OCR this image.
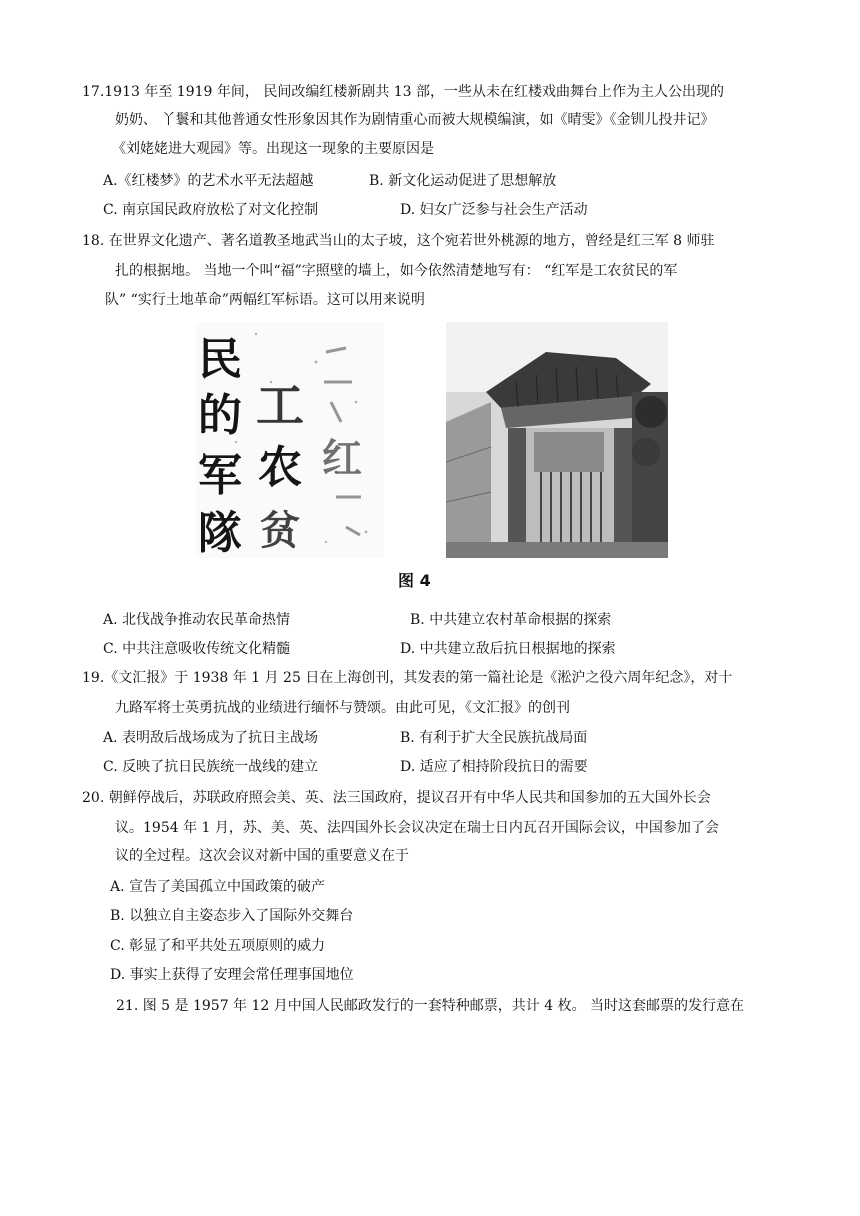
17.1913 年至 1919 年间， 民间改编红楼新剧共 13 部，一些从未在红楼戏曲舞台上作为主人公出现的
奶奶、 丫鬟和其他普通女性形象因其作为剧情重心而被大规模编演，如《晴雯》《金钏儿投井记》
《刘姥姥进大观园》等。出现这一现象的主要原因是
A.《红楼梦》的艺术水平无法超越	B. 新文化运动促进了思想解放
C. 南京国民政府放松了对文化控制	D. 妇女广泛参与社会生产活动
18. 在世界文化遗产、著名道教圣地武当山的太子坡，这个宛若世外桃源的地方，曾经是红三军 8 师驻
扎的根据地。 当地一个叫“福”字照壁的墙上，如今依然清楚地写有： “红军是工农贫民的军
队” “实行土地革命”两幅红军标语。这可以用来说明
民
的 工
农
军
贫
隊
红
图 4
A. 北伐战争推动农民革命热情	B. 中共建立农村革命根据的探索
C. 中共注意吸收传统文化精髓	D. 中共建立敌后抗日根据地的探索
19.《文汇报》于 1938 年 1 月 25 日在上海创刊，其发表的第一篇社论是《淞沪之役六周年纪念》，对十
九路军将士英勇抗战的业绩进行缅怀与赞颂。由此可见，《文汇报》的创刊
A. 表明敌后战场成为了抗日主战场	B. 有利于扩大全民族抗战局面
C. 反映了抗日民族统一战线的建立	D. 适应了相持阶段抗日的需要
20. 朝鲜停战后，苏联政府照会美、英、法三国政府，提议召开有中华人民共和国参加的五大国外长会
议。1954 年 1 月，苏、美、英、法四国外长会议决定在瑞士日内瓦召开国际会议，中国参加了会
议的全过程。这次会议对新中国的重要意义在于
A. 宣告了美国孤立中国政策的破产
B. 以独立自主姿态步入了国际外交舞台
C. 彰显了和平共处五项原则的威力
D. 事实上获得了安理会常任理事国地位
21. 图 5 是 1957 年 12 月中国人民邮政发行的一套特种邮票，共计 4 枚。 当时这套邮票的发行意在
